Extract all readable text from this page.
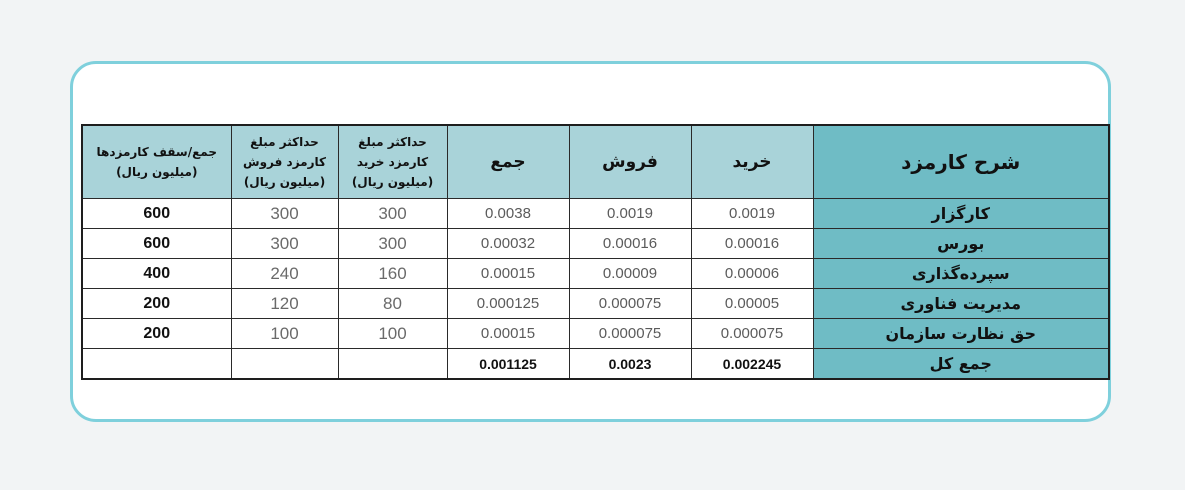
شرح کارمزد	خرید	فروش	جمع	حداکثر مبلغ کارمزد خرید (میلیون ریال)	حداکثر مبلغ کارمزد فروش (میلیون ریال)	جمع/سقف کارمزدها (میلیون ریال)
کارگزار	0.0019	0.0019	0.0038	300	300	600
بورس	0.00016	0.00016	0.00032	300	300	600
سپرده‌گذاری	0.00006	0.00009	0.00015	160	240	400
مدیریت فناوری	0.00005	0.000075	0.000125	80	120	200
حق نظارت سازمان	0.000075	0.000075	0.00015	100	100	200
جمع کل	0.002245	0.0023	0.001125			
